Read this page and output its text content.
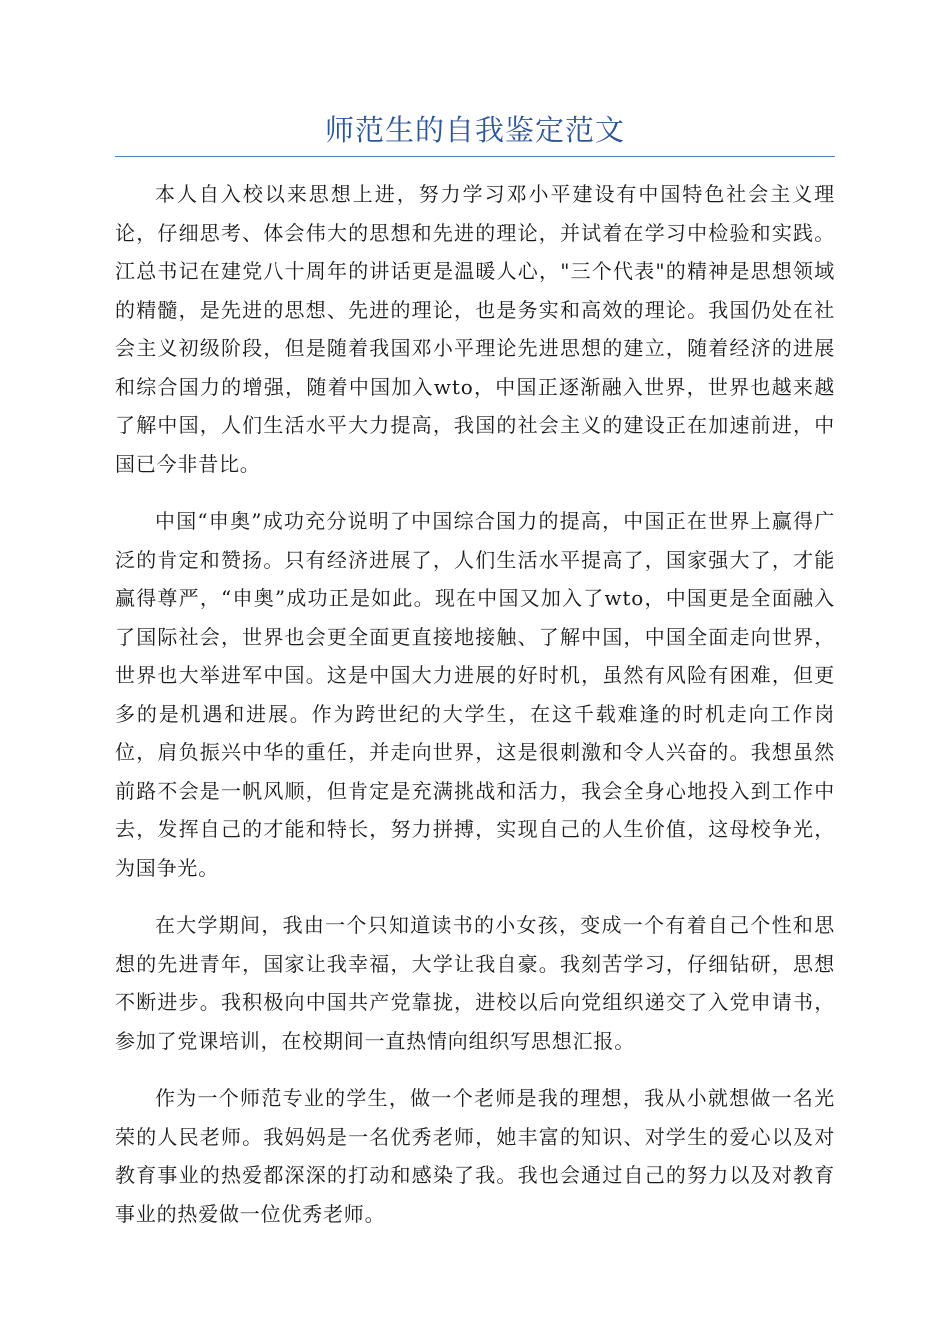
师范生的自我鉴定范文

本人自入校以来思想上进，努力学习邓小平建设有中国特色社会主义理论，仔细思考、体会伟大的思想和先进的理论，并试着在学习中检验和实践。江总书记在建党八十周年的讲话更是温暖人心，"三个代表"的精神是思想领域的精髓，是先进的思想、先进的理论，也是务实和高效的理论。我国仍处在社会主义初级阶段，但是随着我国邓小平理论先进思想的建立，随着经济的进展和综合国力的增强，随着中国加入wto，中国正逐渐融入世界，世界也越来越了解中国，人们生活水平大力提高，我国的社会主义的建设正在加速前进，中国已今非昔比。

中国“申奥”成功充分说明了中国综合国力的提高，中国正在世界上赢得广泛的肯定和赞扬。只有经济进展了，人们生活水平提高了，国家强大了，才能赢得尊严，“申奥”成功正是如此。现在中国又加入了wto，中国更是全面融入了国际社会，世界也会更全面更直接地接触、了解中国，中国全面走向世界，世界也大举进军中国。这是中国大力进展的好时机，虽然有风险有困难，但更多的是机遇和进展。作为跨世纪的大学生，在这千载难逢的时机走向工作岗位，肩负振兴中华的重任，并走向世界，这是很刺激和令人兴奋的。我想虽然前路不会是一帆风顺，但肯定是充满挑战和活力，我会全身心地投入到工作中去，发挥自己的才能和特长，努力拼搏，实现自己的人生价值，这母校争光，为国争光。

在大学期间，我由一个只知道读书的小女孩，变成一个有着自己个性和思想的先进青年，国家让我幸福，大学让我自豪。我刻苦学习，仔细钻研，思想不断进步。我积极向中国共产党靠拢，进校以后向党组织递交了入党申请书，参加了党课培训，在校期间一直热情向组织写思想汇报。

作为一个师范专业的学生，做一个老师是我的理想，我从小就想做一名光荣的人民老师。我妈妈是一名优秀老师，她丰富的知识、对学生的爱心以及对教育事业的热爱都深深的打动和感染了我。我也会通过自己的努力以及对教育事业的热爱做一位优秀老师。
